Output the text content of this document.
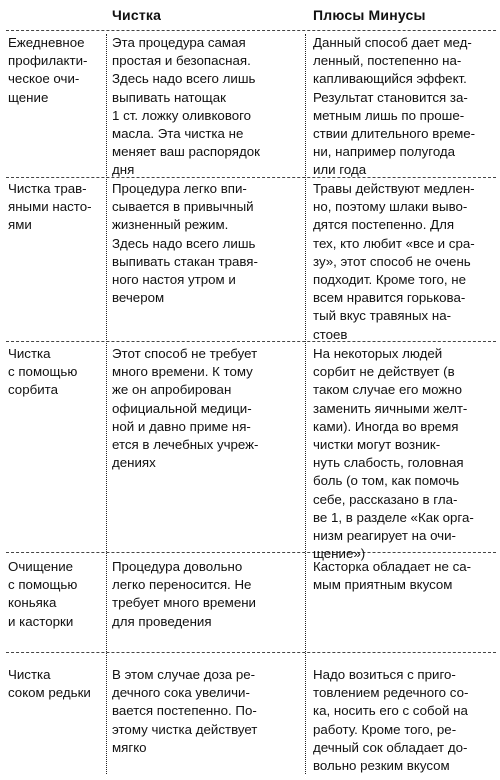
Чистка	Плюсы Минусы
Ежедневное
профилакти-
ческое очи-
щение
Эта процедура самая
простая и безопасная.
Здесь надо всего лишь
выпивать натощак
1 ст. ложку оливкового
масла. Эта чистка не
меняет ваш распорядок
дня
Данный способ дает мед-
ленный, постепенно на-
капливающийся эффект.
Результат становится за-
метным лишь по проше-
ствии длительного време-
ни, например полугода
или года
Чистка трав-
яными насто-
ями
Процедура легко впи-
сывается в привычный
жизненный режим.
Здесь надо всего лишь
выпивать стакан травя-
ного настоя утром и
вечером
Травы действуют медлен-
но, поэтому шлаки выво-
дятся постепенно. Для
тех, кто любит «все и сра-
зу», этот способ не очень
подходит. Кроме того, не
всем нравится горькова-
тый вкус травяных на-
стоев
Чистка
с помощью
сорбита
Этот способ не требует
много времени. К тому
же он апробирован
официальной медици-
ной и давно приме ня-
ется в лечебных учреж-
дениях
На некоторых людей
сорбит не действует (в
таком случае его можно
заменить яичными желт-
ками). Иногда во время
чистки могут возник-
нуть слабость, головная
боль (о том, как помочь
себе, рассказано в гла-
ве 1, в разделе «Как орга-
низм реагирует на очи-
щение»)
Очищение
с помощью
коньяка
и касторки
Процедура довольно
легко переносится. Не
требует много времени
для проведения
Касторка обладает не са-
мым приятным вкусом
Чистка
соком редьки
В этом случае доза ре-
дечного сока увеличи-
вается постепенно. По-
этому чистка действует
мягко
Надо возиться с приго-
товлением редечного со-
ка, носить его с собой на
работу. Кроме того, ре-
дечный сок обладает до-
вольно резким вкусом
